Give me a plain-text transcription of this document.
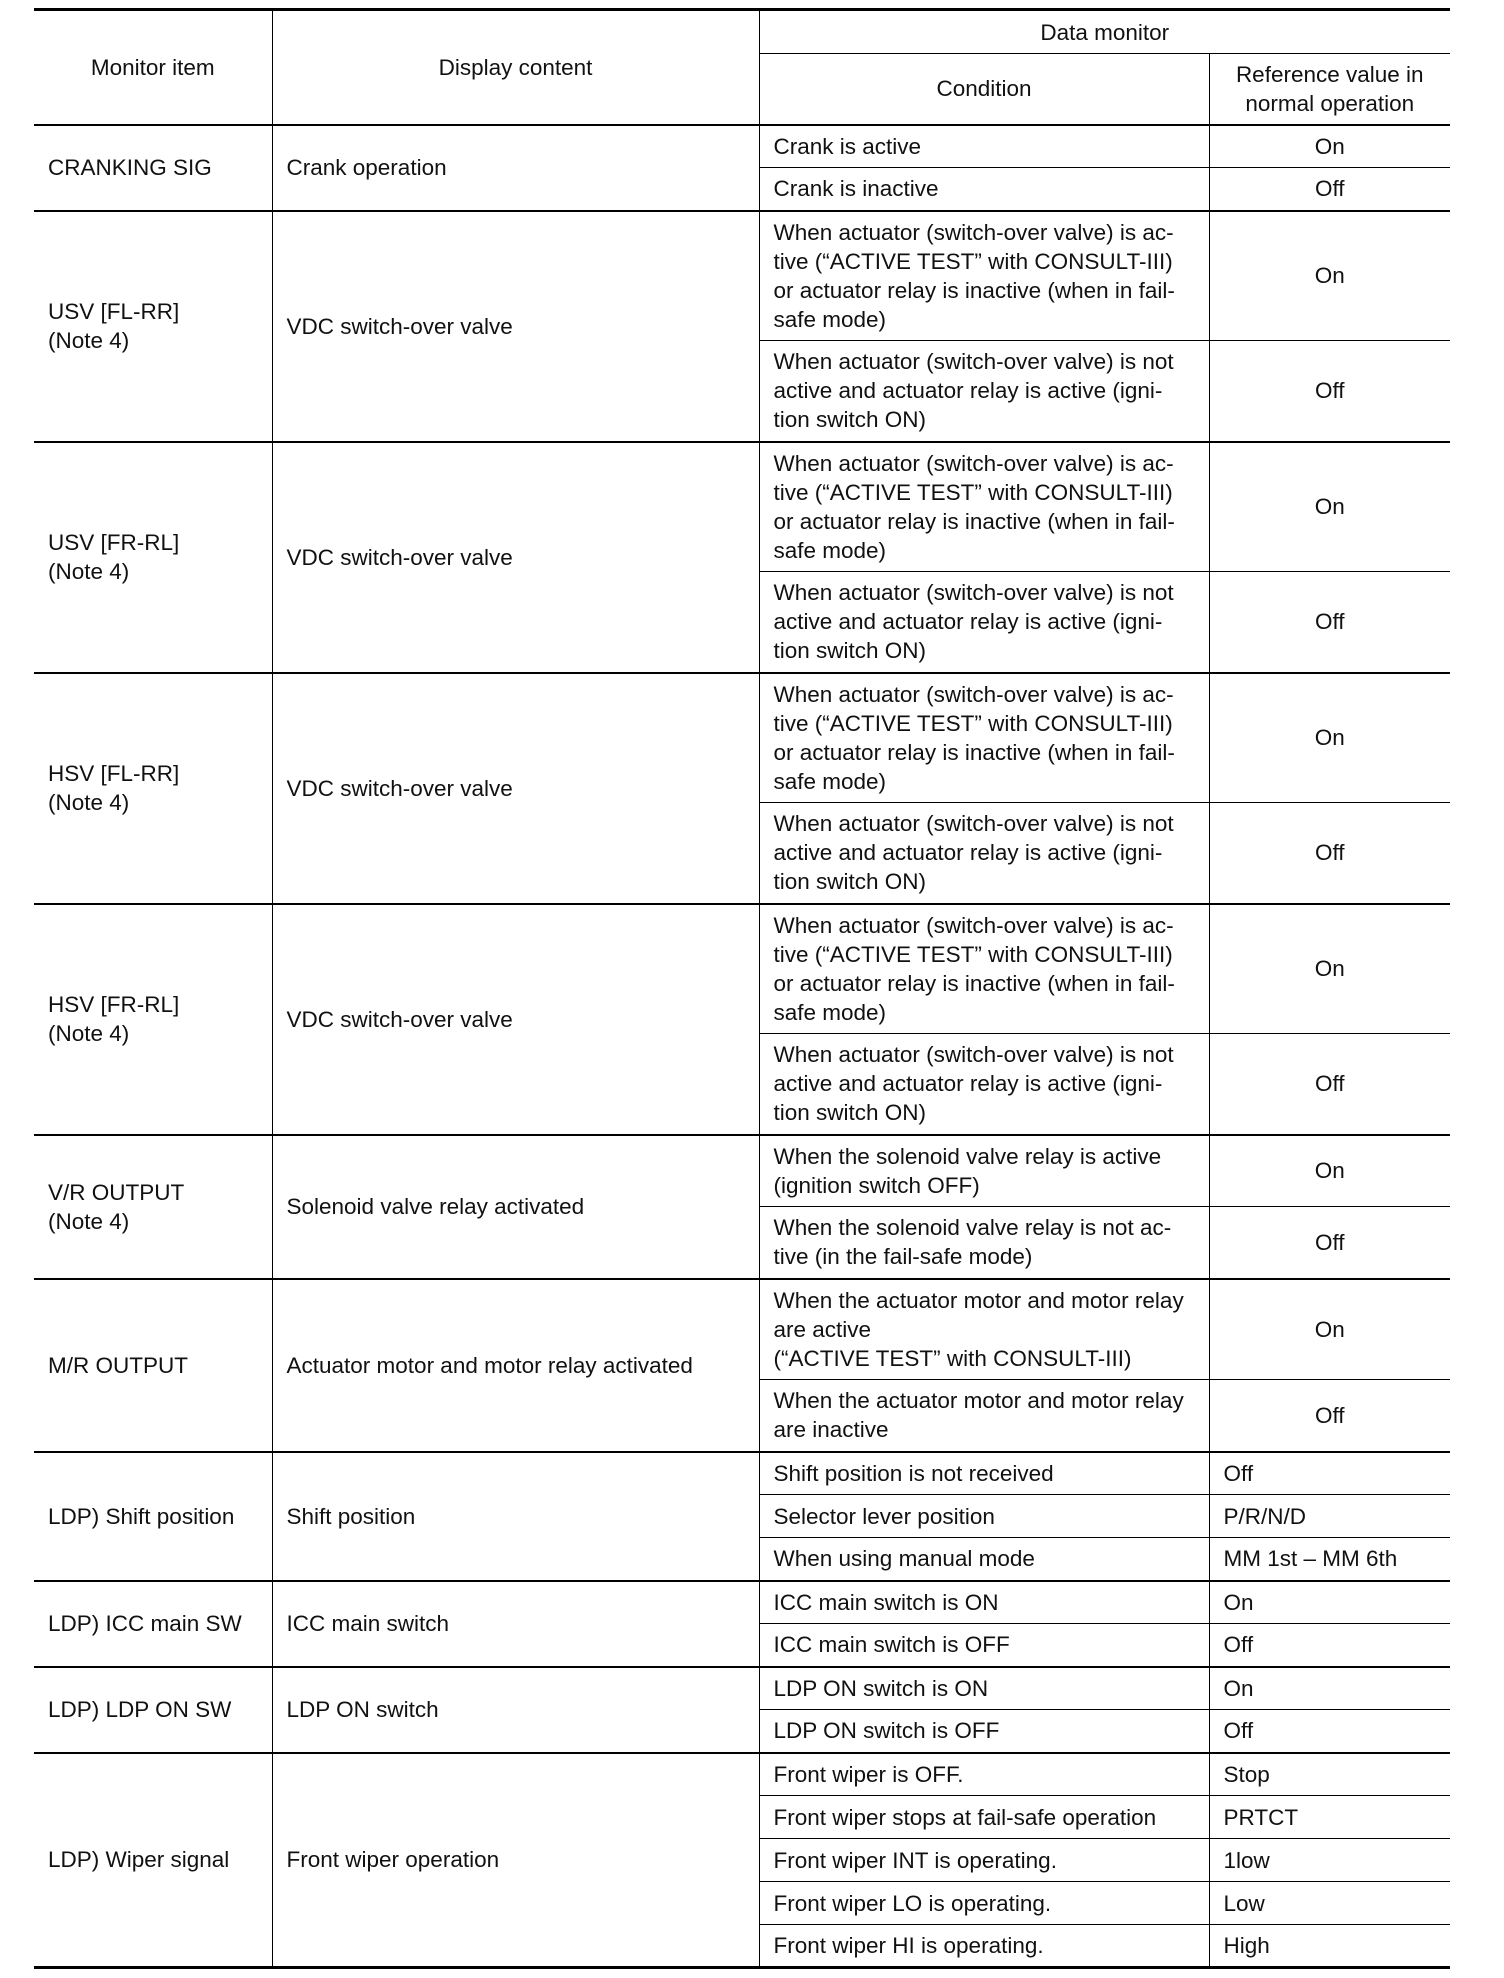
Monitor item	Display content	Data monitor	
		Condition	Reference value in normal operation
CRANKING SIG	Crank operation	Crank is active	On
		Crank is inactive	Off
USV [FL-RR]
(Note 4)	VDC switch-over valve	When actuator (switch-over valve) is ac-
tive (“ACTIVE TEST” with CONSULT-III)
or actuator relay is inactive (when in fail-
safe mode)	On
		When actuator (switch-over valve) is not
active and actuator relay is active (igni-
tion switch ON)	Off
USV [FR-RL]
(Note 4)	VDC switch-over valve	When actuator (switch-over valve) is ac-
tive (“ACTIVE TEST” with CONSULT-III)
or actuator relay is inactive (when in fail-
safe mode)	On
		When actuator (switch-over valve) is not
active and actuator relay is active (igni-
tion switch ON)	Off
HSV [FL-RR]
(Note 4)	VDC switch-over valve	When actuator (switch-over valve) is ac-
tive (“ACTIVE TEST” with CONSULT-III)
or actuator relay is inactive (when in fail-
safe mode)	On
		When actuator (switch-over valve) is not
active and actuator relay is active (igni-
tion switch ON)	Off
HSV [FR-RL]
(Note 4)	VDC switch-over valve	When actuator (switch-over valve) is ac-
tive (“ACTIVE TEST” with CONSULT-III)
or actuator relay is inactive (when in fail-
safe mode)	On
		When actuator (switch-over valve) is not
active and actuator relay is active (igni-
tion switch ON)	Off
V/R OUTPUT
(Note 4)	Solenoid valve relay activated	When the solenoid valve relay is active
(ignition switch OFF)	On
		When the solenoid valve relay is not ac-
tive (in the fail-safe mode)	Off
M/R OUTPUT	Actuator motor and motor relay activated	When the actuator motor and motor relay
are active
(“ACTIVE TEST” with CONSULT-III)	On
		When the actuator motor and motor relay
are inactive	Off
LDP) Shift position	Shift position	Shift position is not received	Off
		Selector lever position	P/R/N/D
		When using manual mode	MM 1st – MM 6th
LDP) ICC main SW	ICC main switch	ICC main switch is ON	On
		ICC main switch is OFF	Off
LDP) LDP ON SW	LDP ON switch	LDP ON switch is ON	On
		LDP ON switch is OFF	Off
LDP) Wiper signal	Front wiper operation	Front wiper is OFF.	Stop
		Front wiper stops at fail-safe operation	PRTCT
		Front wiper INT is operating.	1low
		Front wiper LO is operating.	Low
		Front wiper HI is operating.	High
